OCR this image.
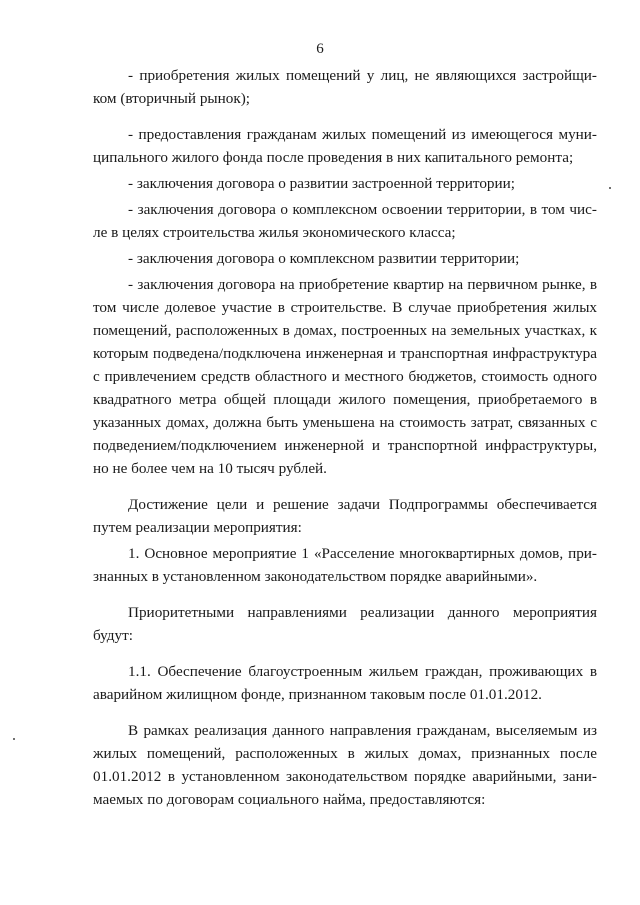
6
- приобретения жилых помещений у лиц, не являющихся застройщи-
ком (вторичный рынок);
- предоставления гражданам жилых помещений из имеющегося муни-
ципального жилого фонда после проведения в них капитального ремонта;
- заключения договора о развитии застроенной территории;
- заключения договора о комплексном освоении территории, в том чис-
ле в целях строительства жилья экономического класса;
- заключения договора о комплексном развитии территории;
- заключения договора на приобретение квартир на первичном рынке, в
том числе долевое участие в строительстве. В случае приобретения жилых
помещений, расположенных в домах, построенных на земельных участках, к
которым подведена/подключена инженерная и транспортная инфраструктура
с привлечением средств областного и местного бюджетов, стоимость одного
квадратного метра общей площади жилого помещения, приобретаемого в
указанных домах, должна быть уменьшена на стоимость затрат, связанных с
подведением/подключением инженерной и транспортной инфраструктуры,
но не более чем на 10 тысяч рублей.
Достижение цели и решение задачи Подпрограммы обеспечивается
путем реализации мероприятия:
1. Основное мероприятие 1 «Расселение многоквартирных домов, при-
знанных в установленном законодательством порядке аварийными».
Приоритетными направлениями реализации данного мероприятия
будут:
1.1. Обеспечение благоустроенным жильем граждан, проживающих в
аварийном жилищном фонде, признанном таковым после 01.01.2012.
В рамках реализация данного направления гражданам, выселяемым из
жилых помещений, расположенных в жилых домах, признанных после
01.01.2012 в установленном законодательством порядке аварийными, зани-
маемых по договорам социального найма, предоставляются:
